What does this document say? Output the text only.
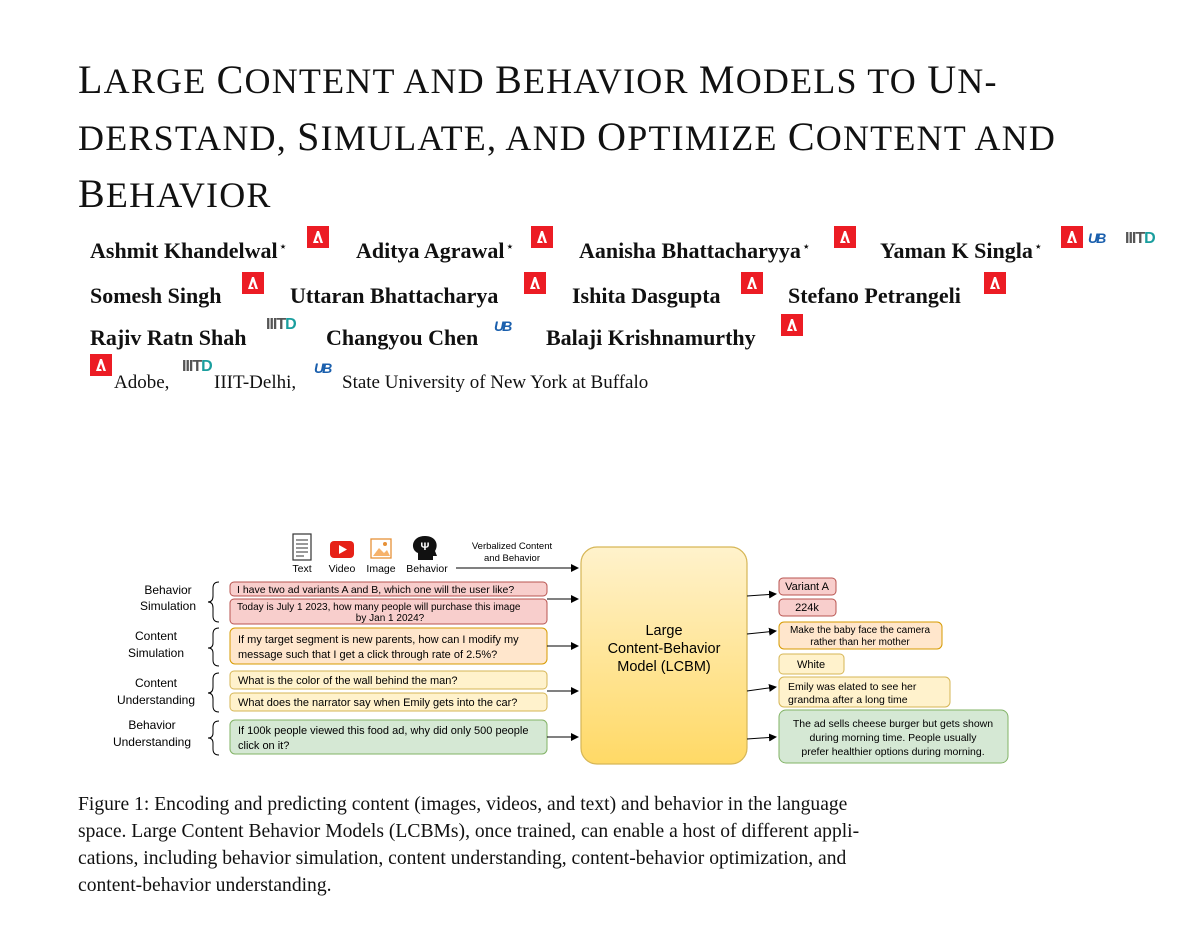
LARGE CONTENT AND BEHAVIOR MODELS TO UN-
DERSTAND, SIMULATE, AND OPTIMIZE CONTENT AND
BEHAVIOR
Ashmit Khandelwal⋆	Aditya Agrawal⋆	Aanisha Bhattacharyya⋆	Yaman K Singla⋆
Somesh Singh	Uttaran Bhattacharya	Ishita Dasgupta	Stefano Petrangeli
Rajiv Ratn Shah	Changyou Chen	Balaji Krishnamurthy
UB IIITD
IIITD	UB
Adobe,
IIITD
IIIT-Delhi,
UB
State University of New York at Buffalo
Text Video Image
Ψ
Behavior
Verbalized Content
and Behavior
Behavior
Simulation
Content
Simulation
Content
Understanding
Behavior
Understanding
I have two ad variants A and B, which one will the user like?
Today is July 1 2023, how many people will purchase this image
by Jan 1 2024?
If my target segment is new parents, how can I modify my
message such that I get a click through rate of 2.5%?
What is the color of the wall behind the man?
What does the narrator say when Emily gets into the car?
If 100k people viewed this food ad, why did only 500 people
click on it?
Large
Content-Behavior
Model (LCBM)
Variant A
224k
Make the baby face the camera
rather than her mother
White
Emily was elated to see her
grandma after a long time
The ad sells cheese burger but gets shown
during morning time. People usually
prefer healthier options during morning.

Figure 1: Encoding and predicting content (images, videos, and text) and behavior in the language
space. Large Content Behavior Models (LCBMs), once trained, can enable a host of different appli-
cations, including behavior simulation, content understanding, content-behavior optimization, and
content-behavior understanding.
